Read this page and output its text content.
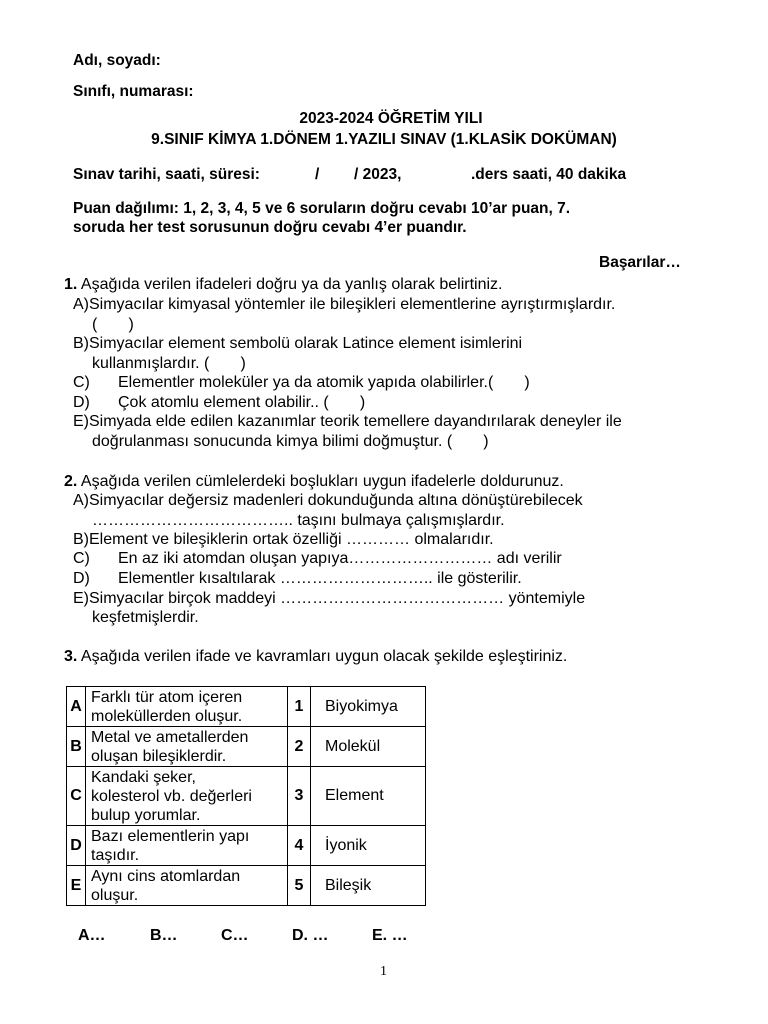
Adı, soyadı:
Sınıfı, numarası:
2023-2024 ÖĞRETİM YILI
9.SINIF KİMYA 1.DÖNEM 1.YAZILI SINAV (1.KLASİK DOKÜMAN)
Sınav tarihi, saati, süresi:	/ / 2023,	.ders saati, 40 dakika
Puan dağılımı: 1, 2, 3, 4, 5 ve 6 soruların doğru cevabı 10’ar puan, 7.
soruda her test sorusunun doğru cevabı 4’er puandır.
Başarılar…
1. Aşağıda verilen ifadeleri doğru ya da yanlış olarak belirtiniz.
A)Simyacılar kimyasal yöntemler ile bileşikleri elementlerine ayrıştırmışlardır.
(       )
B)Simyacılar element sembolü olarak Latince element isimlerini
kullanmışlardır. (       )
C) Elementler moleküler ya da atomik yapıda olabilirler.(       )
D) Çok atomlu element olabilir.. (       )
E)Simyada elde edilen kazanımlar teorik temellere dayandırılarak deneyler ile
doğrulanması sonucunda kimya bilimi doğmuştur. (       )
2. Aşağıda verilen cümlelerdeki boşlukları uygun ifadelerle doldurunuz.
A)Simyacılar değersiz madenleri dokunduğunda altına dönüştürebilecek
……………………………….. taşını bulmaya çalışmışlardır.
B)Element ve bileşiklerin ortak özelliği ………… olmalarıdır.
C) En az iki atomdan oluşan yapıya……………………… adı verilir
D) Elementler kısaltılarak ……………………….. ile gösterilir.
E)Simyacılar birçok maddeyi …………………………………… yöntemiyle
keşfetmişlerdir.
3. Aşağıda verilen ifade ve kavramları uygun olacak şekilde eşleştiriniz.
A	Farklı tür atom içeren
moleküllerden oluşur.	1	Biyokimya
B	Metal ve ametallerden
oluşan bileşiklerdir.	2	Molekül
C	Kandaki şeker,
kolesterol vb. değerleri
bulup yorumlar.	3	Element
D	Bazı elementlerin yapı
taşıdır.	4	İyonik
E	Aynı cins atomlardan
oluşur.	5	Bileşik
A…	B…	C…	D. …	E. …
1
